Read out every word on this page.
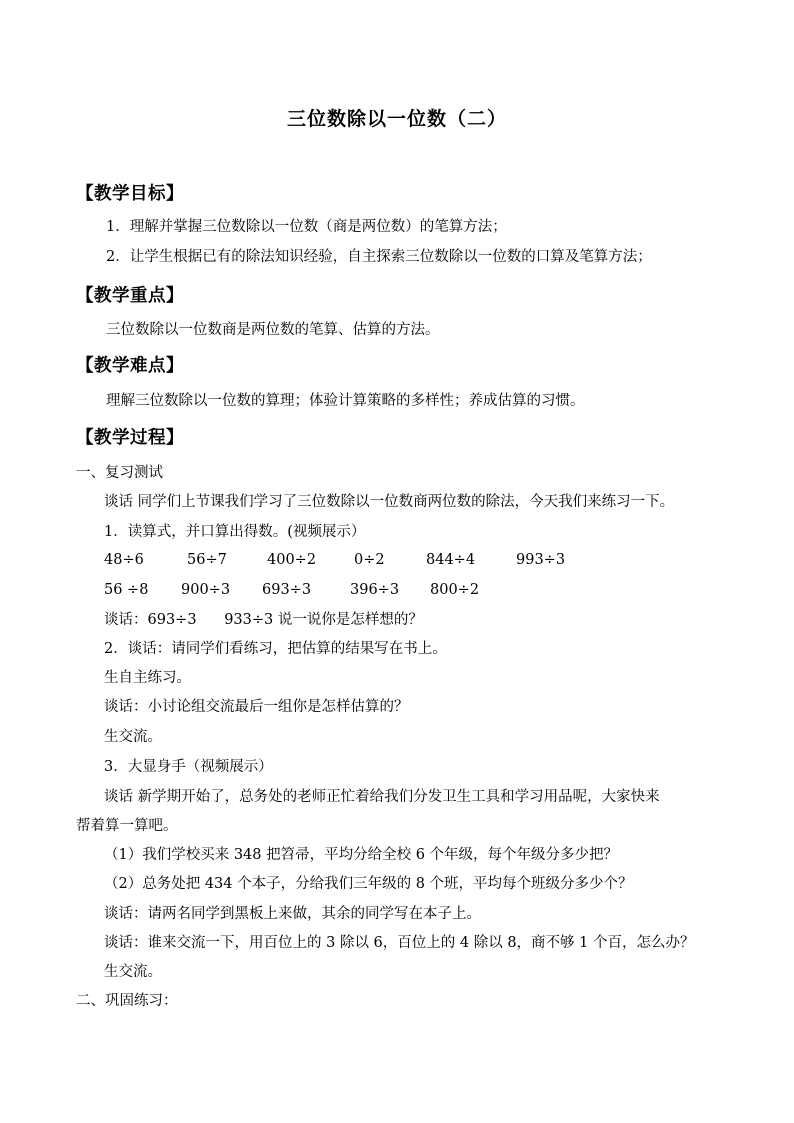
三位数除以一位数（二）
【教学目标】
1．理解并掌握三位数除以一位数（商是两位数）的笔算方法；
2．让学生根据已有的除法知识经验，自主探索三位数除以一位数的口算及笔算方法；
【教学重点】
三位数除以一位数商是两位数的笔算、估算的方法。
【教学难点】
理解三位数除以一位数的算理；体验计算策略的多样性；养成估算的习惯。
【教学过程】
一、复习测试
谈话 同学们上节课我们学习了三位数除以一位数商两位数的除法，今天我们来练习一下。
1．读算式，并口算出得数。(视频展示）
48÷6	56÷7	400÷2	0÷2	844÷4	993÷3
56 ÷8 900÷3 693÷3	396÷3 800÷2
谈话：693÷3      933÷3 说一说你是怎样想的？
2．谈话：请同学们看练习，把估算的结果写在书上。
生自主练习。
谈话：小讨论组交流最后一组你是怎样估算的？
生交流。
3．大显身手（视频展示）
谈话 新学期开始了，总务处的老师正忙着给我们分发卫生工具和学习用品呢，大家快来
帮着算一算吧。
（1）我们学校买来 348 把笤帚，平均分给全校 6 个年级，每个年级分多少把？
（2）总务处把 434 个本子，分给我们三年级的 8 个班，平均每个班级分多少个？
谈话：请两名同学到黑板上来做，其余的同学写在本子上。
谈话：谁来交流一下，用百位上的 3 除以 6，百位上的 4 除以 8，商不够 1 个百，怎么办？
生交流。
二、巩固练习：
